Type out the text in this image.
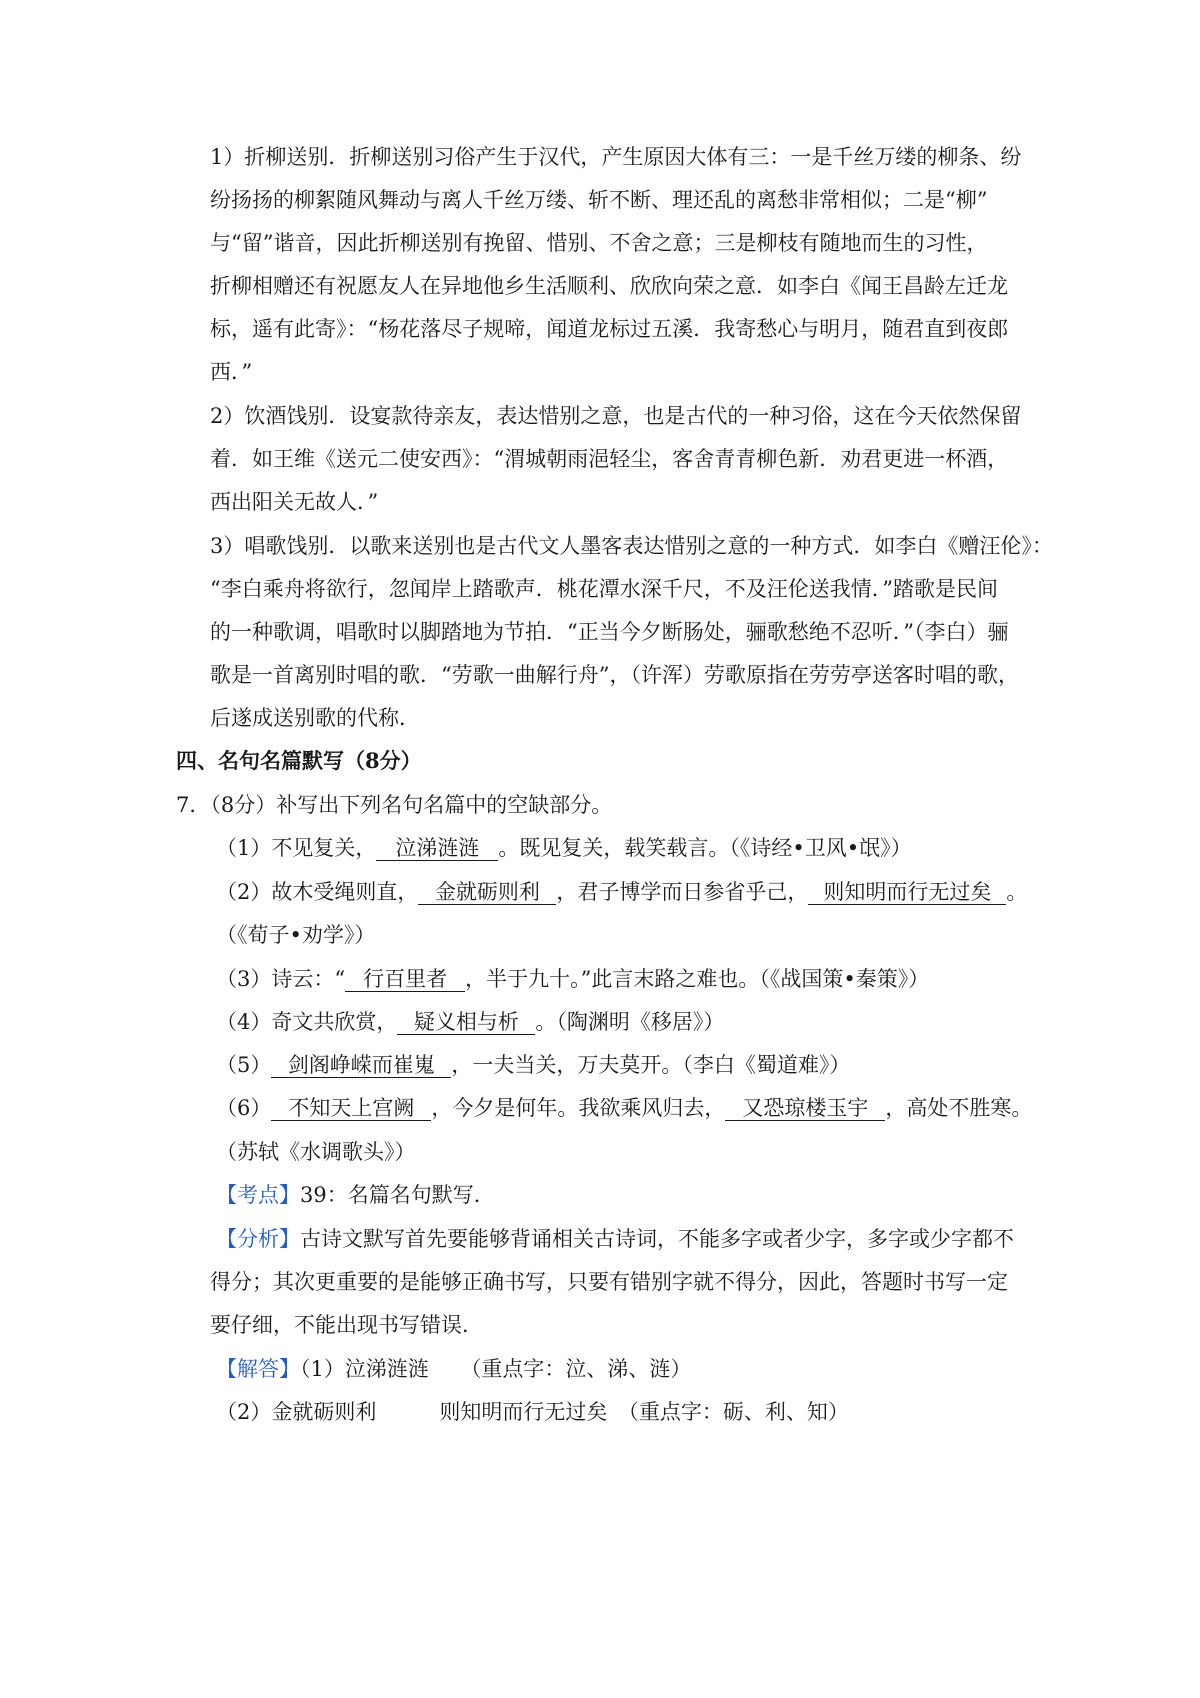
1）折柳送别．折柳送别习俗产生于汉代，产生原因大体有三：一是千丝万缕的柳条、纷
纷扬扬的柳絮随风舞动与离人千丝万缕、斩不断、理还乱的离愁非常相似；二是“柳”
与“留”谐音，因此折柳送别有挽留、惜别、不舍之意；三是柳枝有随地而生的习性，
折柳相赠还有祝愿友人在异地他乡生活顺利、欣欣向荣之意．如李白《闻王昌龄左迁龙
标，遥有此寄》：“杨花落尽子规啼，闻道龙标过五溪．我寄愁心与明月，随君直到夜郎
西．”
2）饮酒饯别．设宴款待亲友，表达惜别之意，也是古代的一种习俗，这在今天依然保留
着．如王维《送元二使安西》：“渭城朝雨浥轻尘，客舍青青柳色新．劝君更进一杯酒，
西出阳关无故人．”
3）唱歌饯别．以歌来送别也是古代文人墨客表达惜别之意的一种方式．如李白《赠汪伦》：
“李白乘舟将欲行，忽闻岸上踏歌声．桃花潭水深千尺，不及汪伦送我情．”踏歌是民间
的一种歌调，唱歌时以脚踏地为节拍．“正当今夕断肠处，骊歌愁绝不忍听．”（李白）骊
歌是一首离别时唱的歌．“劳歌一曲解行舟”，（许浑）劳歌原指在劳劳亭送客时唱的歌，
后遂成送别歌的代称．
四、名句名篇默写（8分）
7．（8分）补写出下列名句名篇中的空缺部分。
（1）不见复关， 泣涕涟涟 。既见复关，载笑载言。（《诗经•卫风•氓》）
（2）故木受绳则直， 金就砺则利 ，君子博学而日参省乎己， 则知明而行无过矣 。
（《荀子•劝学》）
（3）诗云：“ 行百里者 ，半于九十。”此言末路之难也。（《战国策•秦策》）
（4）奇文共欣赏， 疑义相与析 。（陶渊明《移居》）
（5） 剑阁峥嵘而崔嵬 ，一夫当关，万夫莫开。（李白《蜀道难》）
（6） 不知天上宫阙 ，今夕是何年。我欲乘风归去， 又恐琼楼玉宇 ，高处不胜寒。
（苏轼《水调歌头》）
【考点】39：名篇名句默写．
【分析】古诗文默写首先要能够背诵相关古诗词，不能多字或者少字，多字或少字都不
得分；其次更重要的是能够正确书写，只要有错别字就不得分，因此，答题时书写一定
要仔细，不能出现书写错误．
【解答】（1）泣涕涟涟　　（重点字：泣、涕、涟）
（2）金就砺则利　　　则知明而行无过矣　（重点字：砺、利、知）
